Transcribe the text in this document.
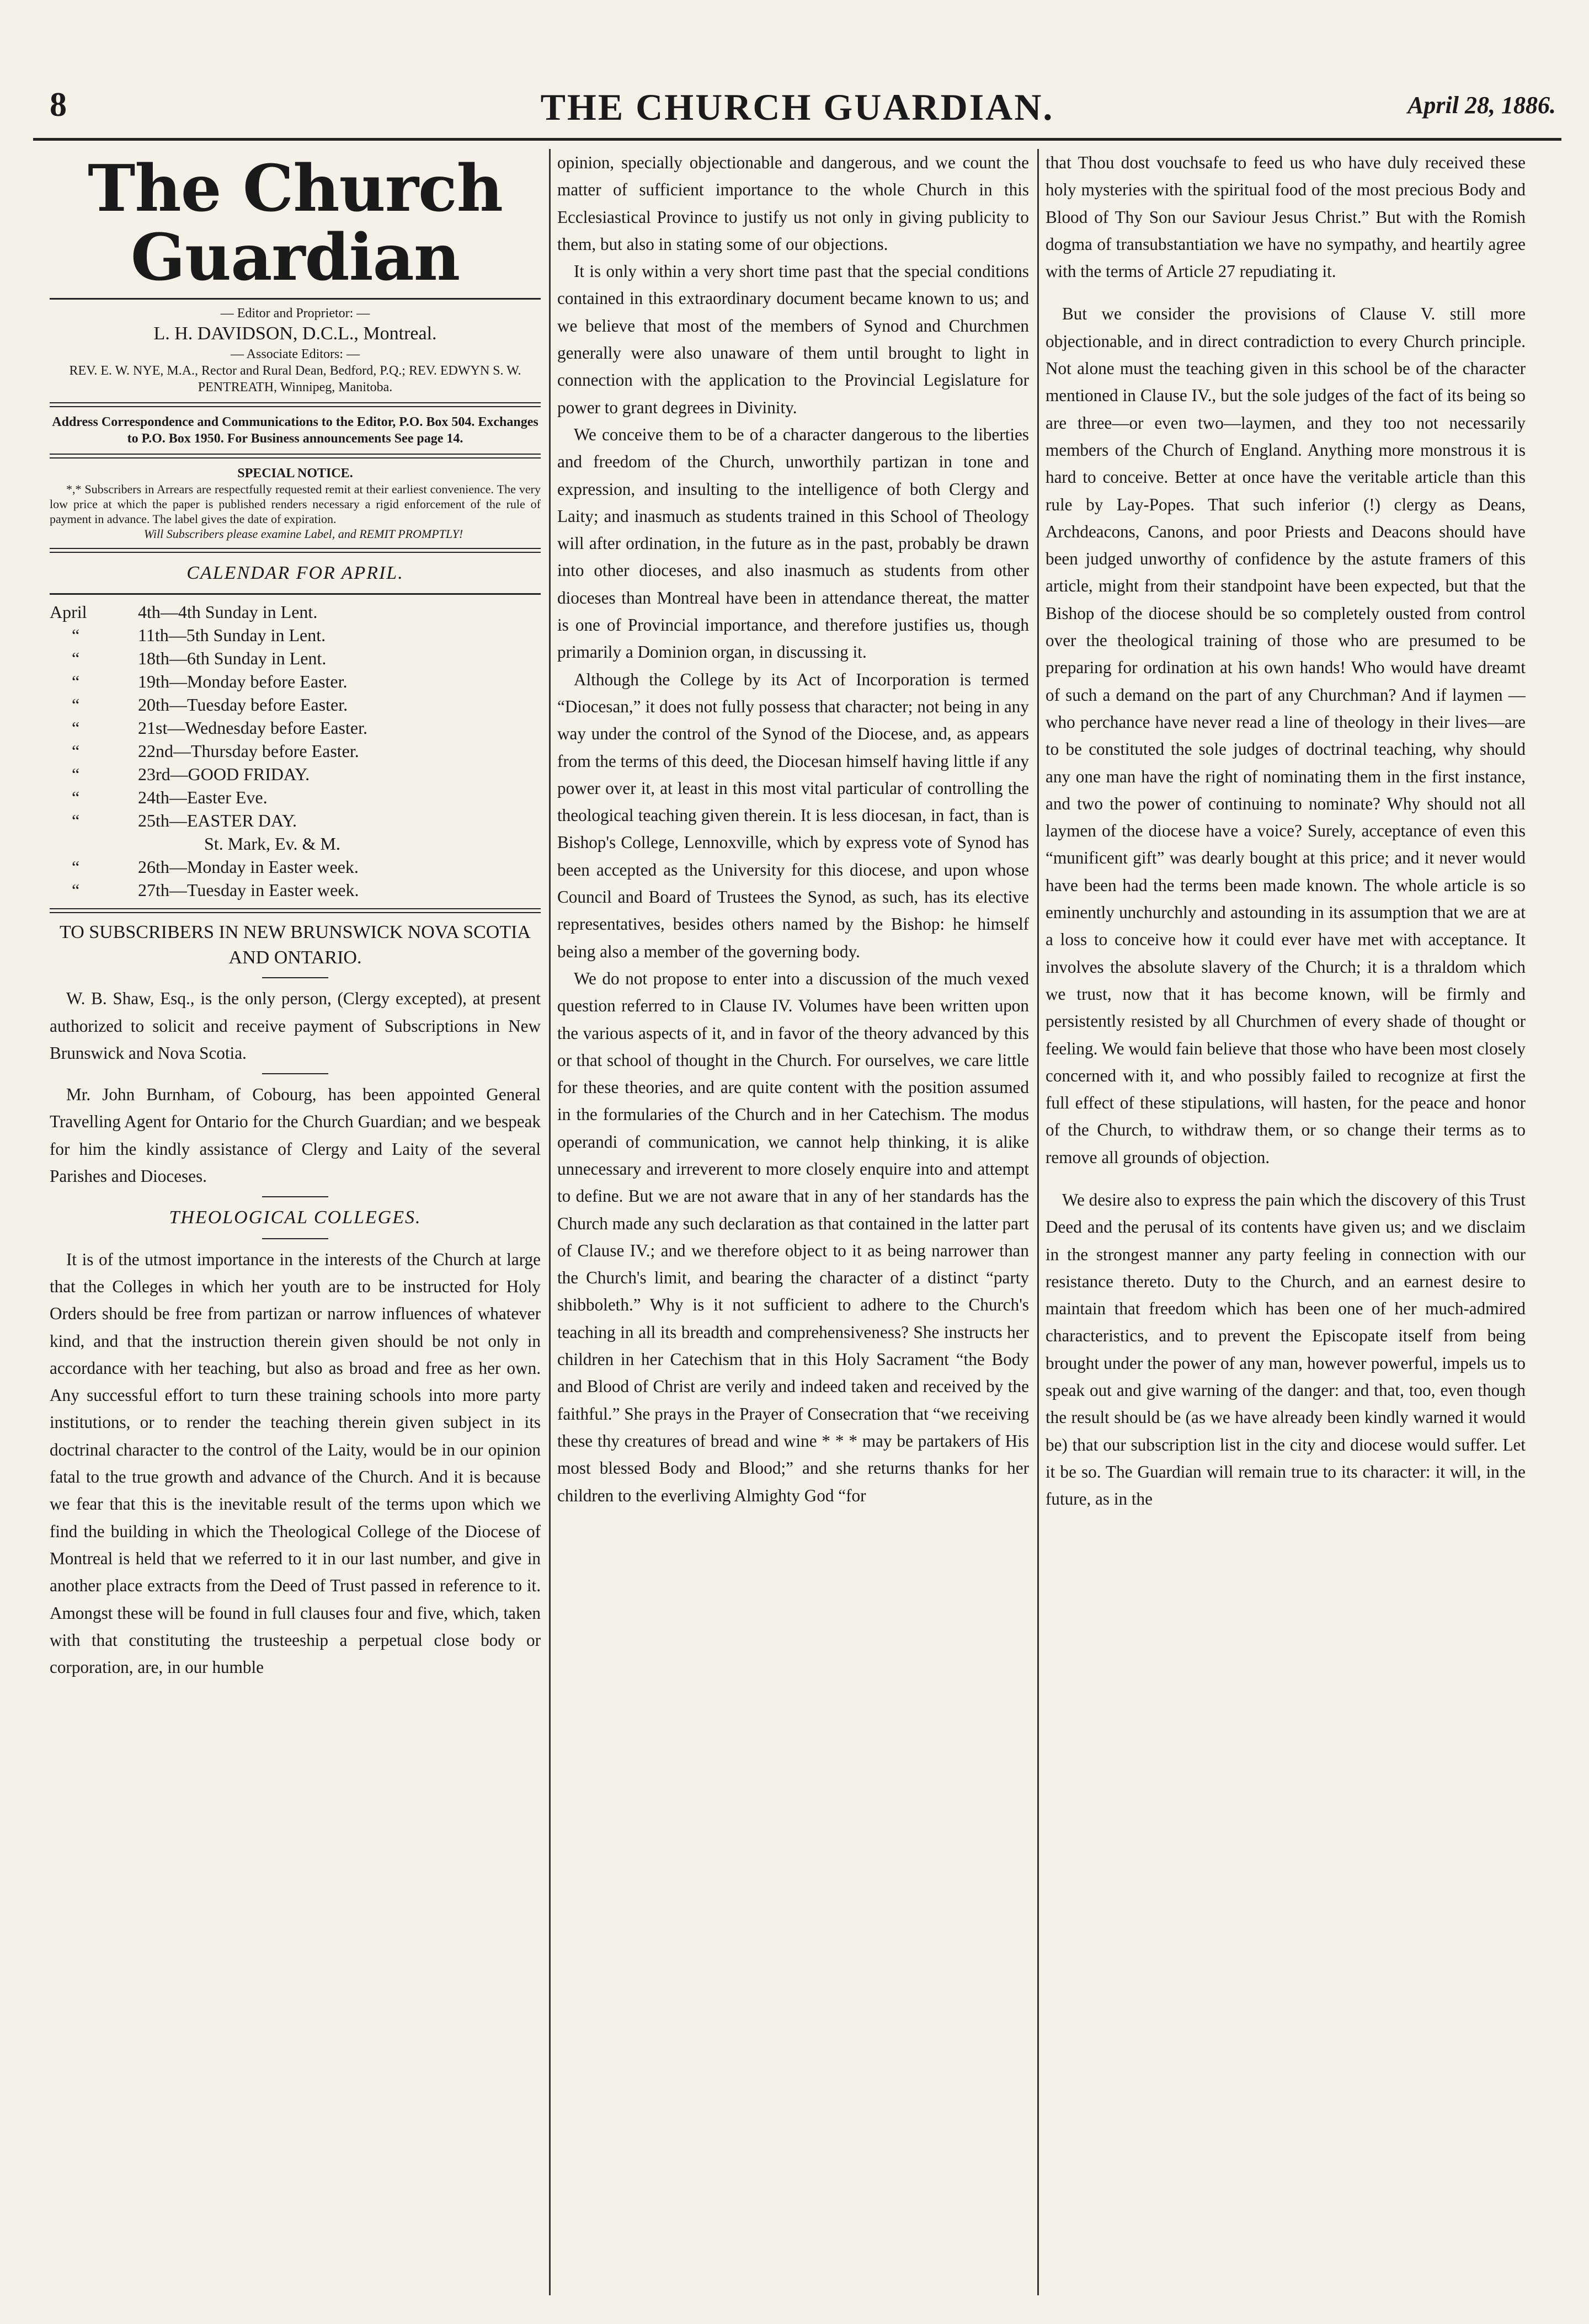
8	THE CHURCH GUARDIAN.	April 28, 1886.
The Church Guardian
— Editor and Proprietor: —
L. H. DAVIDSON, D.C.L., Montreal.
— Associate Editors: —
REV. E. W. NYE, M.A., Rector and Rural Dean, Bedford, P.Q.; REV. EDWYN S. W. PENTREATH, Winnipeg, Manitoba.
Address Correspondence and Communications to the Editor, P.O. Box 504. Exchanges to P.O. Box 1950. For Business announcements See page 14.
SPECIAL NOTICE.

*,* Subscribers in Arrears are respectfully requested remit at their earliest convenience. The very low price at which the paper is published renders necessary a rigid enforcement of the rule of payment in advance. The label gives the date of expiration.

Will Subscribers please examine Label, and REMIT PROMPTLY!

CALENDAR FOR APRIL.
April	4th—4th Sunday in Lent.
“	11th—5th Sunday in Lent.
“	18th—6th Sunday in Lent.
“	19th—Monday before Easter.
“	20th—Tuesday before Easter.
“	21st—Wednesday before Easter.
“	22nd—Thursday before Easter.
“	23rd—GOOD FRIDAY.
“	24th—Easter Eve.
“	25th—EASTER DAY.
St. Mark, Ev. & M.
“	26th—Monday in Easter week.
“	27th—Tuesday in Easter week.
TO SUBSCRIBERS IN NEW BRUNSWICK NOVA SCOTIA AND ONTARIO.

W. B. Shaw, Esq., is the only person, (Clergy excepted), at present authorized to solicit and receive payment of Subscriptions in New Brunswick and Nova Scotia.

Mr. John Burnham, of Cobourg, has been appointed General Travelling Agent for Ontario for the Church Guardian; and we bespeak for him the kindly assistance of Clergy and Laity of the several Parishes and Dioceses.

THEOLOGICAL COLLEGES.

It is of the utmost importance in the interests of the Church at large that the Colleges in which her youth are to be instructed for Holy Orders should be free from partizan or narrow influences of whatever kind, and that the instruction therein given should be not only in accordance with her teaching, but also as broad and free as her own. Any successful effort to turn these training schools into more party institutions, or to render the teaching therein given subject in its doctrinal character to the control of the Laity, would be in our opinion fatal to the true growth and advance of the Church. And it is because we fear that this is the inevitable result of the terms upon which we find the building in which the Theological College of the Diocese of Montreal is held that we referred to it in our last number, and give in another place extracts from the Deed of Trust passed in reference to it. Amongst these will be found in full clauses four and five, which, taken with that constituting the trusteeship a perpetual close body or corporation, are, in our humble

opinion, specially objectionable and dangerous, and we count the matter of sufficient importance to the whole Church in this Ecclesiastical Province to justify us not only in giving publicity to them, but also in stating some of our objections.

It is only within a very short time past that the special conditions contained in this extraordinary document became known to us; and we believe that most of the members of Synod and Churchmen generally were also unaware of them until brought to light in connection with the application to the Provincial Legislature for power to grant degrees in Divinity.

We conceive them to be of a character dangerous to the liberties and freedom of the Church, unworthily partizan in tone and expression, and insulting to the intelligence of both Clergy and Laity; and inasmuch as students trained in this School of Theology will after ordination, in the future as in the past, probably be drawn into other dioceses, and also inasmuch as students from other dioceses than Montreal have been in attendance thereat, the matter is one of Provincial importance, and therefore justifies us, though primarily a Dominion organ, in discussing it.

Although the College by its Act of Incorporation is termed “Diocesan,” it does not fully possess that character; not being in any way under the control of the Synod of the Diocese, and, as appears from the terms of this deed, the Diocesan himself having little if any power over it, at least in this most vital particular of controlling the theological teaching given therein. It is less diocesan, in fact, than is Bishop's College, Lennoxville, which by express vote of Synod has been accepted as the University for this diocese, and upon whose Council and Board of Trustees the Synod, as such, has its elective representatives, besides others named by the Bishop: he himself being also a member of the governing body.

We do not propose to enter into a discussion of the much vexed question referred to in Clause IV. Volumes have been written upon the various aspects of it, and in favor of the theory advanced by this or that school of thought in the Church. For ourselves, we care little for these theories, and are quite content with the position assumed in the formularies of the Church and in her Catechism. The modus operandi of communication, we cannot help thinking, it is alike unnecessary and irreverent to more closely enquire into and attempt to define. But we are not aware that in any of her standards has the Church made any such declaration as that contained in the latter part of Clause IV.; and we therefore object to it as being narrower than the Church's limit, and bearing the character of a distinct “party shibboleth.” Why is it not sufficient to adhere to the Church's teaching in all its breadth and comprehensiveness? She instructs her children in her Catechism that in this Holy Sacrament “the Body and Blood of Christ are verily and indeed taken and received by the faithful.” She prays in the Prayer of Consecration that “we receiving these thy creatures of bread and wine * * * may be partakers of His most blessed Body and Blood;” and she returns thanks for her children to the everliving Almighty God “for

that Thou dost vouchsafe to feed us who have duly received these holy mysteries with the spiritual food of the most precious Body and Blood of Thy Son our Saviour Jesus Christ.” But with the Romish dogma of transubstantiation we have no sympathy, and heartily agree with the terms of Article 27 repudiating it.

But we consider the provisions of Clause V. still more objectionable, and in direct contradiction to every Church principle. Not alone must the teaching given in this school be of the character mentioned in Clause IV., but the sole judges of the fact of its being so are three—or even two—laymen, and they too not necessarily members of the Church of England. Anything more monstrous it is hard to conceive. Better at once have the veritable article than this rule by Lay-Popes. That such inferior (!) clergy as Deans, Archdeacons, Canons, and poor Priests and Deacons should have been judged unworthy of confidence by the astute framers of this article, might from their standpoint have been expected, but that the Bishop of the diocese should be so completely ousted from control over the theological training of those who are presumed to be preparing for ordination at his own hands! Who would have dreamt of such a demand on the part of any Churchman? And if laymen —who perchance have never read a line of theology in their lives—are to be constituted the sole judges of doctrinal teaching, why should any one man have the right of nominating them in the first instance, and two the power of continuing to nominate? Why should not all laymen of the diocese have a voice? Surely, acceptance of even this “munificent gift” was dearly bought at this price; and it never would have been had the terms been made known. The whole article is so eminently unchurchly and astounding in its assumption that we are at a loss to conceive how it could ever have met with acceptance. It involves the absolute slavery of the Church; it is a thraldom which we trust, now that it has become known, will be firmly and persistently resisted by all Churchmen of every shade of thought or feeling. We would fain believe that those who have been most closely concerned with it, and who possibly failed to recognize at first the full effect of these stipulations, will hasten, for the peace and honor of the Church, to withdraw them, or so change their terms as to remove all grounds of objection.

We desire also to express the pain which the discovery of this Trust Deed and the perusal of its contents have given us; and we disclaim in the strongest manner any party feeling in connection with our resistance thereto. Duty to the Church, and an earnest desire to maintain that freedom which has been one of her much-admired characteristics, and to prevent the Episcopate itself from being brought under the power of any man, however powerful, impels us to speak out and give warning of the danger: and that, too, even though the result should be (as we have already been kindly warned it would be) that our subscription list in the city and diocese would suffer. Let it be so. The Guardian will remain true to its character: it will, in the future, as in the
